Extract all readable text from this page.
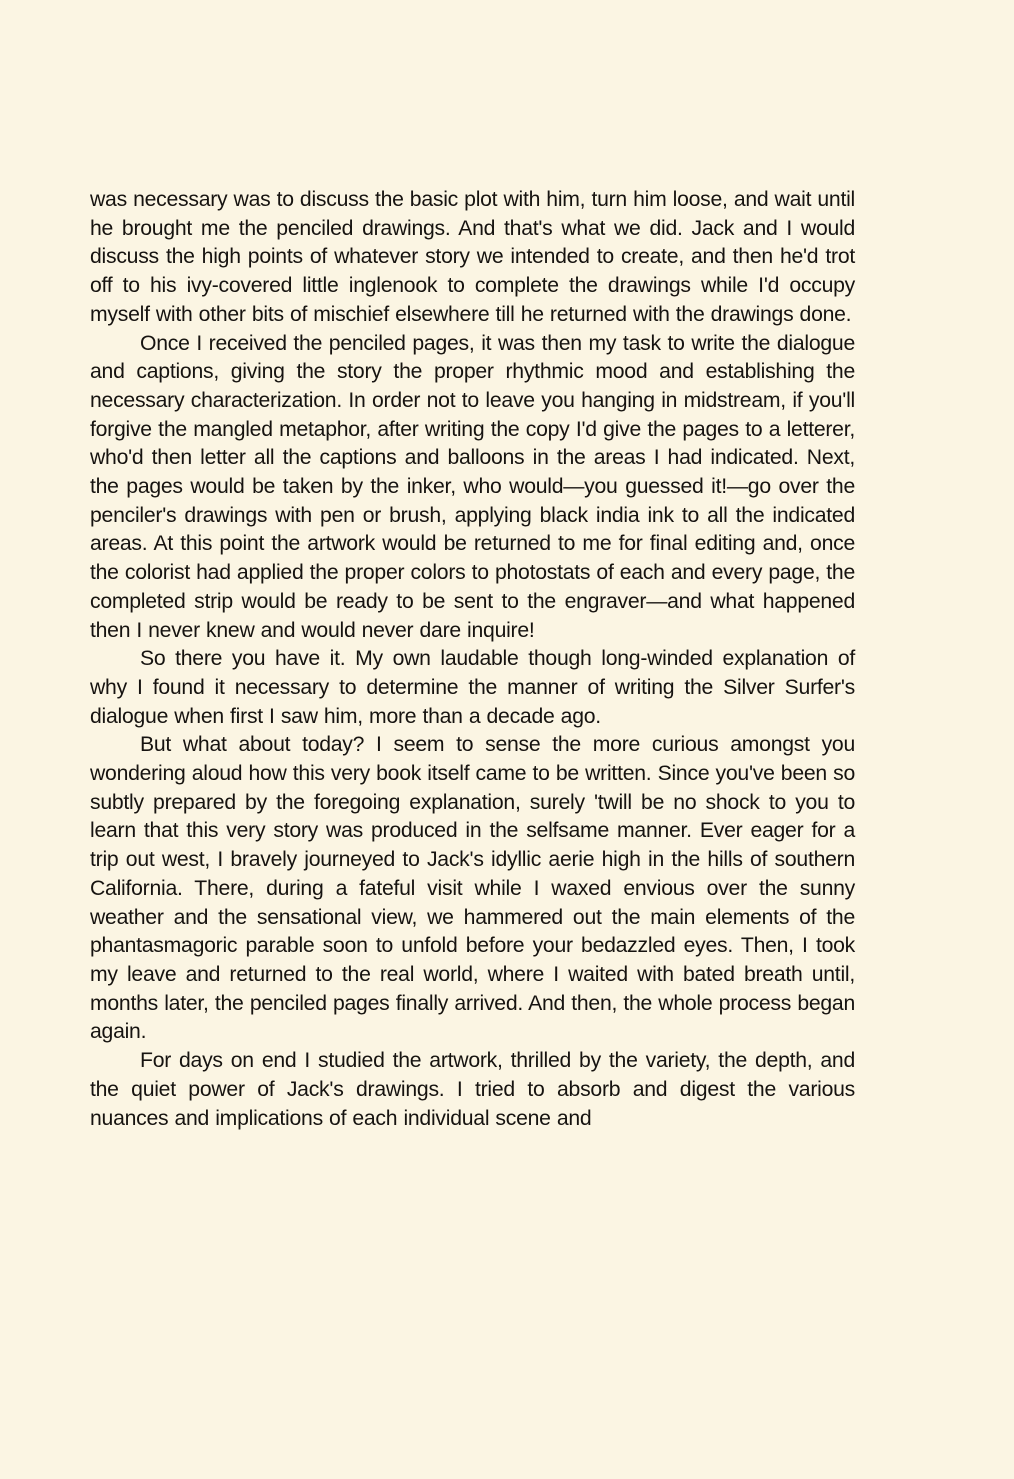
was necessary was to discuss the basic plot with him, turn him loose, and wait until he brought me the penciled drawings. And that's what we did. Jack and I would discuss the high points of whatever story we intended to create, and then he'd trot off to his ivy-covered little inglenook to complete the drawings while I'd occupy myself with other bits of mischief elsewhere till he returned with the drawings done.

Once I received the penciled pages, it was then my task to write the dialogue and captions, giving the story the proper rhythmic mood and establishing the necessary characterization. In order not to leave you hanging in midstream, if you'll forgive the mangled metaphor, after writing the copy I'd give the pages to a letterer, who'd then letter all the captions and balloons in the areas I had indicated. Next, the pages would be taken by the inker, who would—you guessed it!—go over the penciler's drawings with pen or brush, applying black india ink to all the indicated areas. At this point the artwork would be returned to me for final editing and, once the colorist had applied the proper colors to photostats of each and every page, the completed strip would be ready to be sent to the engraver—and what happened then I never knew and would never dare inquire!

So there you have it. My own laudable though long-winded explanation of why I found it necessary to determine the manner of writing the Silver Surfer's dialogue when first I saw him, more than a decade ago.

But what about today? I seem to sense the more curious amongst you wondering aloud how this very book itself came to be written. Since you've been so subtly prepared by the foregoing explanation, surely 'twill be no shock to you to learn that this very story was produced in the selfsame manner. Ever eager for a trip out west, I bravely journeyed to Jack's idyllic aerie high in the hills of southern California. There, during a fateful visit while I waxed envious over the sunny weather and the sensational view, we hammered out the main elements of the phantasmagoric parable soon to unfold before your bedazzled eyes. Then, I took my leave and returned to the real world, where I waited with bated breath until, months later, the penciled pages finally arrived. And then, the whole process began again.

For days on end I studied the artwork, thrilled by the variety, the depth, and the quiet power of Jack's drawings. I tried to absorb and digest the various nuances and implications of each individual scene and
